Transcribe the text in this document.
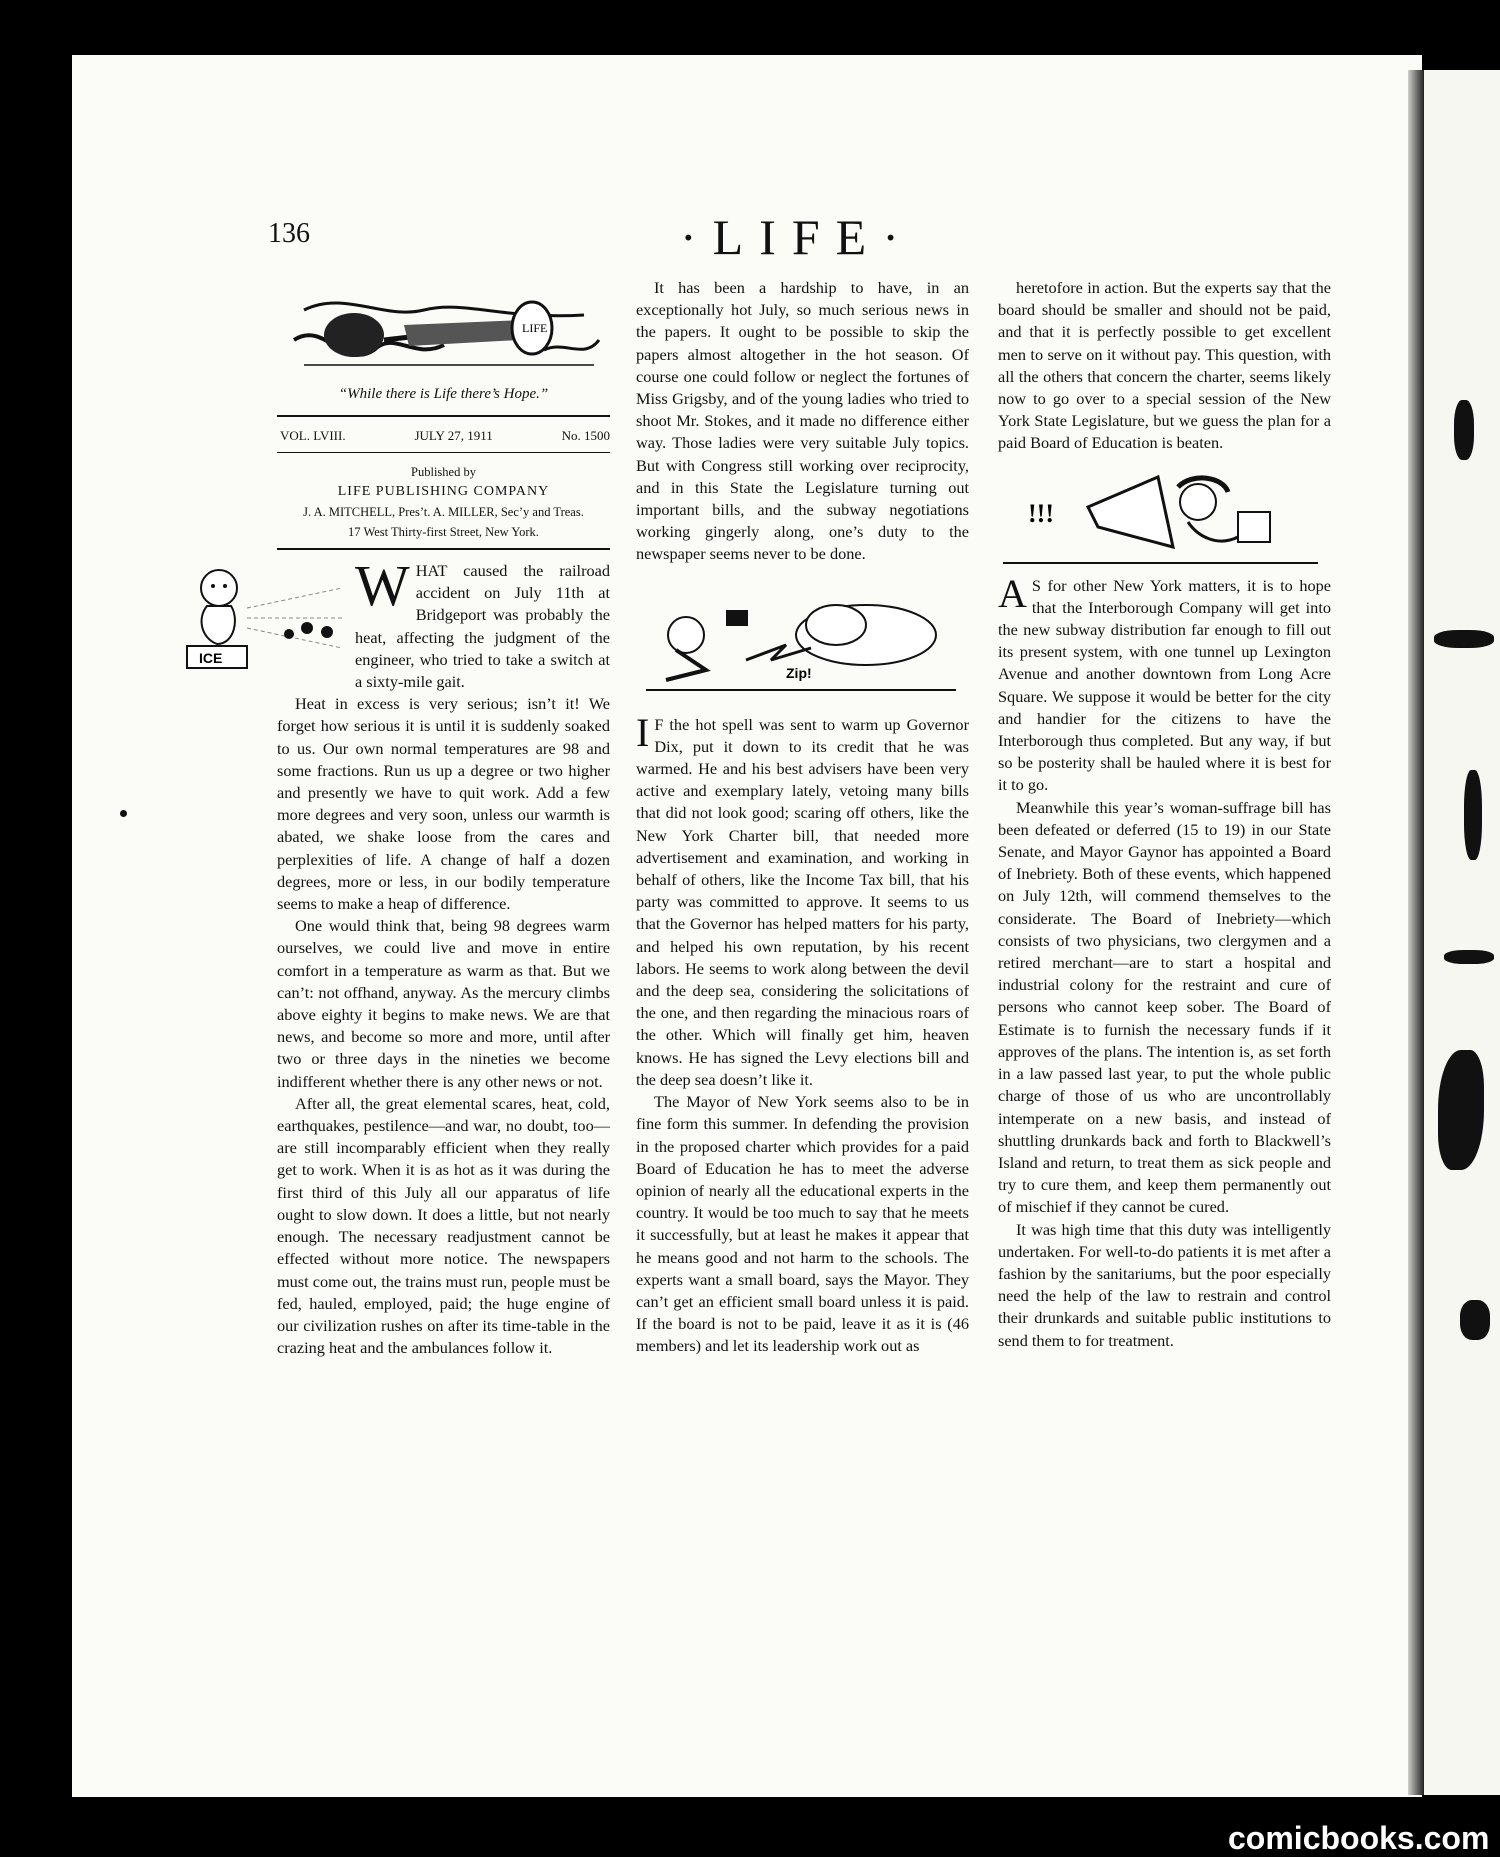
136	·LIFE·
LIFE
“While there is Life there’s Hope.”
VOL. LVIII.	JULY 27, 1911	No. 1500
Published by
LIFE PUBLISHING COMPANY
J. A. MITCHELL, Pres’t. A. MILLER, Sec’y and Treas.
17 West Thirty-first Street, New York.
ICE

WHAT caused the railroad accident on July 11th at Bridgeport was probably the heat, affecting the judgment of the engineer, who tried to take a switch at a sixty-mile gait.

Heat in excess is very serious; isn’t it! We forget how serious it is until it is suddenly soaked to us. Our own normal temperatures are 98 and some fractions. Run us up a degree or two higher and presently we have to quit work. Add a few more degrees and very soon, unless our warmth is abated, we shake loose from the cares and perplexities of life. A change of half a dozen degrees, more or less, in our bodily temperature seems to make a heap of difference.

One would think that, being 98 degrees warm ourselves, we could live and move in entire comfort in a temperature as warm as that. But we can’t: not offhand, anyway. As the mercury climbs above eighty it begins to make news. We are that news, and become so more and more, until after two or three days in the nineties we become indifferent whether there is any other news or not.

After all, the great elemental scares, heat, cold, earthquakes, pestilence—and war, no doubt, too—are still incomparably efficient when they really get to work. When it is as hot as it was during the first third of this July all our apparatus of life ought to slow down. It does a little, but not nearly enough. The necessary readjustment cannot be effected without more notice. The newspapers must come out, the trains must run, people must be fed, hauled, employed, paid; the huge engine of our civilization rushes on after its time-table in the crazing heat and the ambulances follow it.

It has been a hardship to have, in an exceptionally hot July, so much serious news in the papers. It ought to be possible to skip the papers almost altogether in the hot season. Of course one could follow or neglect the fortunes of Miss Grigsby, and of the young ladies who tried to shoot Mr. Stokes, and it made no difference either way. Those ladies were very suitable July topics. But with Congress still working over reciprocity, and in this State the Legislature turning out important bills, and the subway negotiations working gingerly along, one’s duty to the newspaper seems never to be done.

Zip!

I F the hot spell was sent to warm up Governor Dix, put it down to its credit that he was warmed. He and his best advisers have been very active and exemplary lately, vetoing many bills that did not look good; scaring off others, like the New York Charter bill, that needed more advertisement and examination, and working in behalf of others, like the Income Tax bill, that his party was committed to approve. It seems to us that the Governor has helped matters for his party, and helped his own reputation, by his recent labors. He seems to work along between the devil and the deep sea, considering the solicitations of the one, and then regarding the minacious roars of the other. Which will finally get him, heaven knows. He has signed the Levy elections bill and the deep sea doesn’t like it.

The Mayor of New York seems also to be in fine form this summer. In defending the provision in the proposed charter which provides for a paid Board of Education he has to meet the adverse opinion of nearly all the educational experts in the country. It would be too much to say that he meets it successfully, but at least he makes it appear that he means good and not harm to the schools. The experts want a small board, says the Mayor. They can’t get an efficient small board unless it is paid. If the board is not to be paid, leave it as it is (46 members) and let its leadership work out as

heretofore in action. But the experts say that the board should be smaller and should not be paid, and that it is perfectly possible to get excellent men to serve on it without pay. This question, with all the others that concern the charter, seems likely now to go over to a special session of the New York State Legislature, but we guess the plan for a paid Board of Education is beaten.

!!!

A S for other New York matters, it is to hope that the Interborough Company will get into the new subway distribution far enough to fill out its present system, with one tunnel up Lexington Avenue and another downtown from Long Acre Square. We suppose it would be better for the city and handier for the citizens to have the Interborough thus completed. But any way, if but so be posterity shall be hauled where it is best for it to go.

Meanwhile this year’s woman-suffrage bill has been defeated or deferred (15 to 19) in our State Senate, and Mayor Gaynor has appointed a Board of Inebriety. Both of these events, which happened on July 12th, will commend themselves to the considerate. The Board of Inebriety—which consists of two physicians, two clergymen and a retired merchant—are to start a hospital and industrial colony for the restraint and cure of persons who cannot keep sober. The Board of Estimate is to furnish the necessary funds if it approves of the plans. The intention is, as set forth in a law passed last year, to put the whole public charge of those of us who are uncontrollably intemperate on a new basis, and instead of shuttling drunkards back and forth to Blackwell’s Island and return, to treat them as sick people and try to cure them, and keep them permanently out of mischief if they cannot be cured.

It was high time that this duty was intelligently undertaken. For well-to-do patients it is met after a fashion by the sanitariums, but the poor especially need the help of the law to restrain and control their drunkards and suitable public institutions to send them to for treatment.

comicbooks.com
